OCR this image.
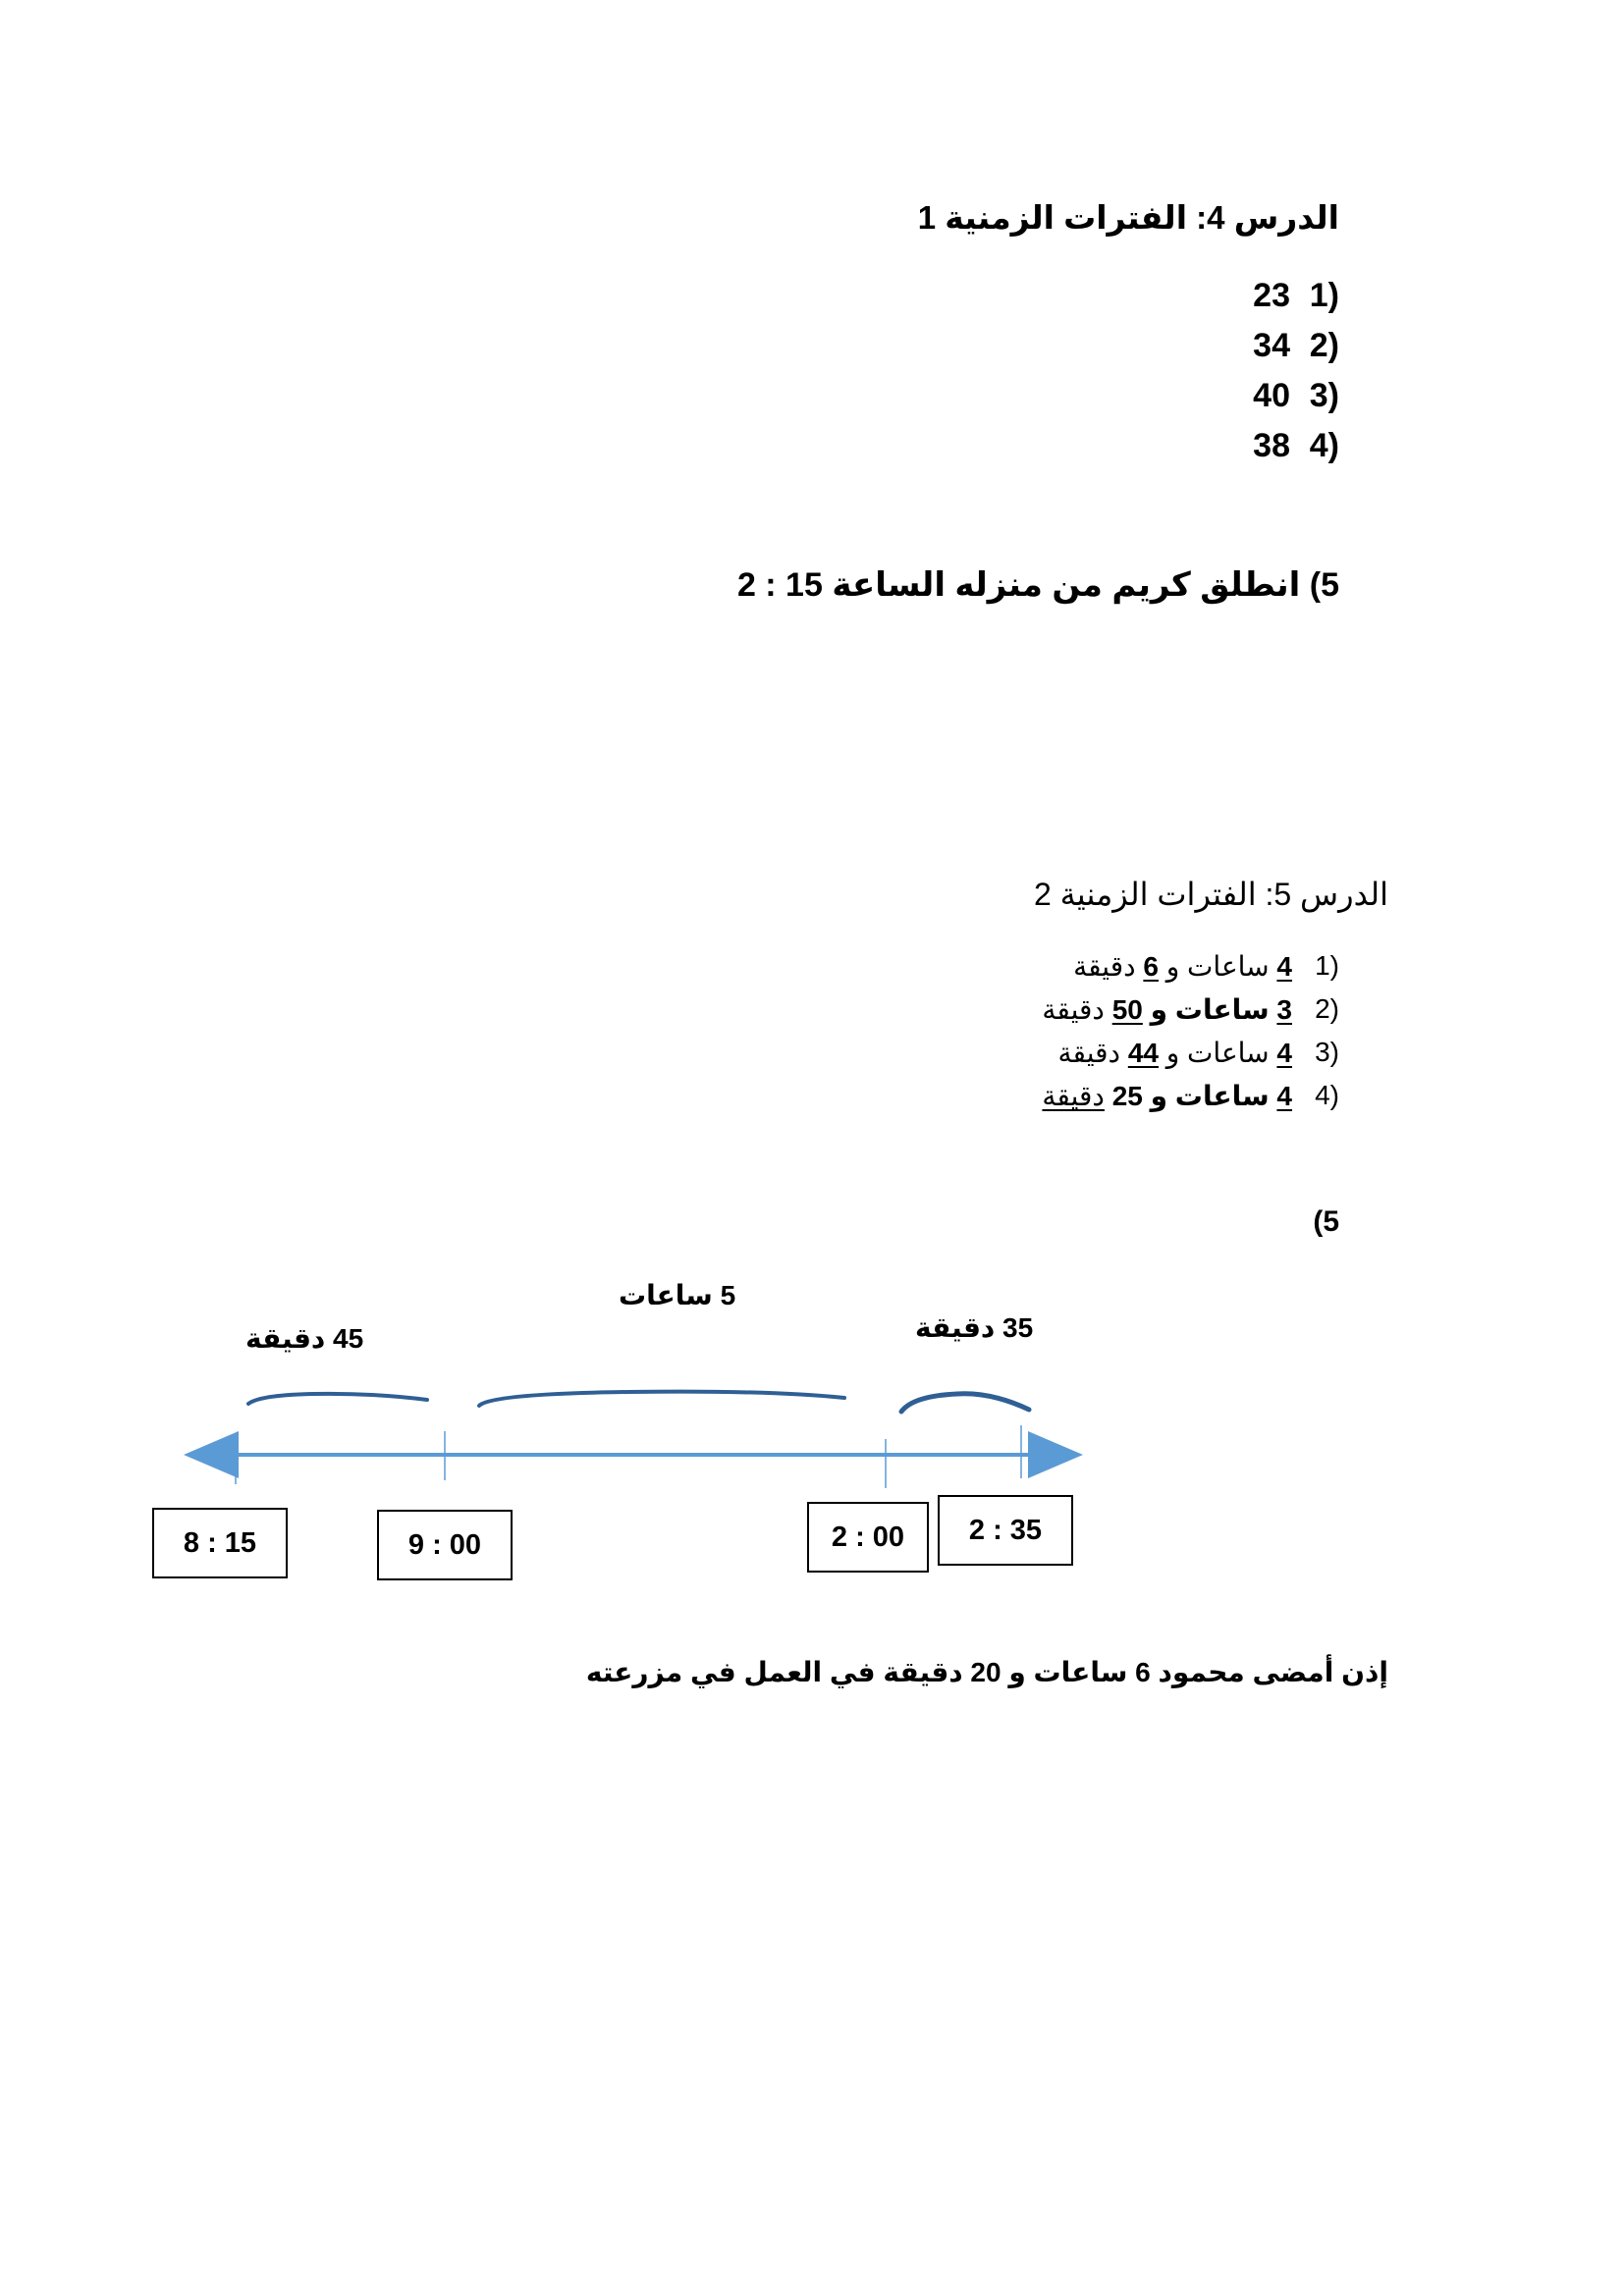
الدرس 4: الفترات الزمنية 1
1)
23
2)
34
3)
40
4)
38
5) انطلق كريم من منزله الساعة 2 : 15
الدرس 5: الفترات الزمنية 2
1)
4 ساعات و 6 دقيقة
2)
3 ساعات و 50 دقيقة
3)
4 ساعات و 44 دقيقة
4)
4 ساعات و 25 دقيقة
5)
45 دقيقة
5 ساعات
35 دقيقة
8 : 15	9 : 00	2 : 00	2 : 35
إذن أمضى محمود 6 ساعات و 20 دقيقة في العمل في مزرعته
